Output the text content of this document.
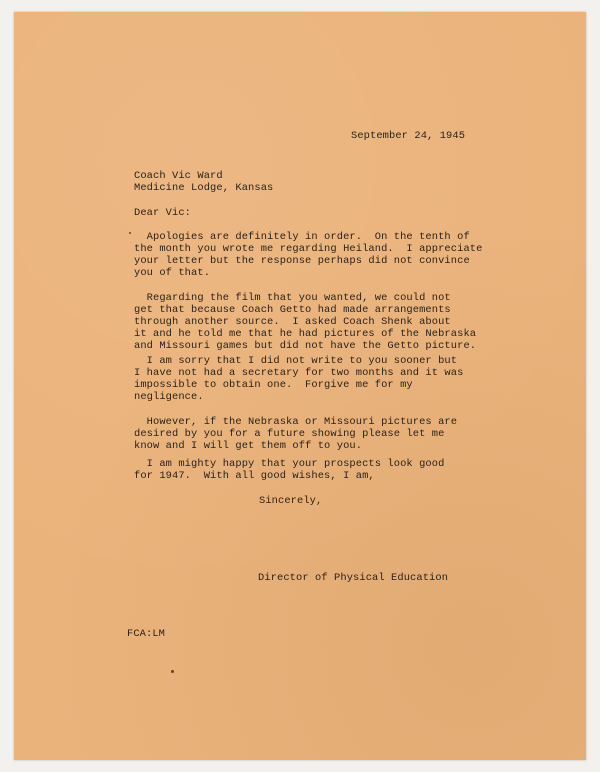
September 24, 1945
Coach Vic Ward
Medicine Lodge, Kansas
Dear Vic:
Apologies are definitely in order.  On the tenth of
the month you wrote me regarding Heiland.  I appreciate
your letter but the response perhaps did not convince
you of that.
Regarding the film that you wanted, we could not
get that because Coach Getto had made arrangements
through another source.  I asked Coach Shenk about
it and he told me that he had pictures of the Nebraska
and Missouri games but did not have the Getto picture.
I am sorry that I did not write to you sooner but
I have not had a secretary for two months and it was
impossible to obtain one.  Forgive me for my
negligence.
However, if the Nebraska or Missouri pictures are
desired by you for a future showing please let me
know and I will get them off to you.
I am mighty happy that your prospects look good
for 1947.  With all good wishes, I am,
Sincerely,
Director of Physical Education
FCA:LM
